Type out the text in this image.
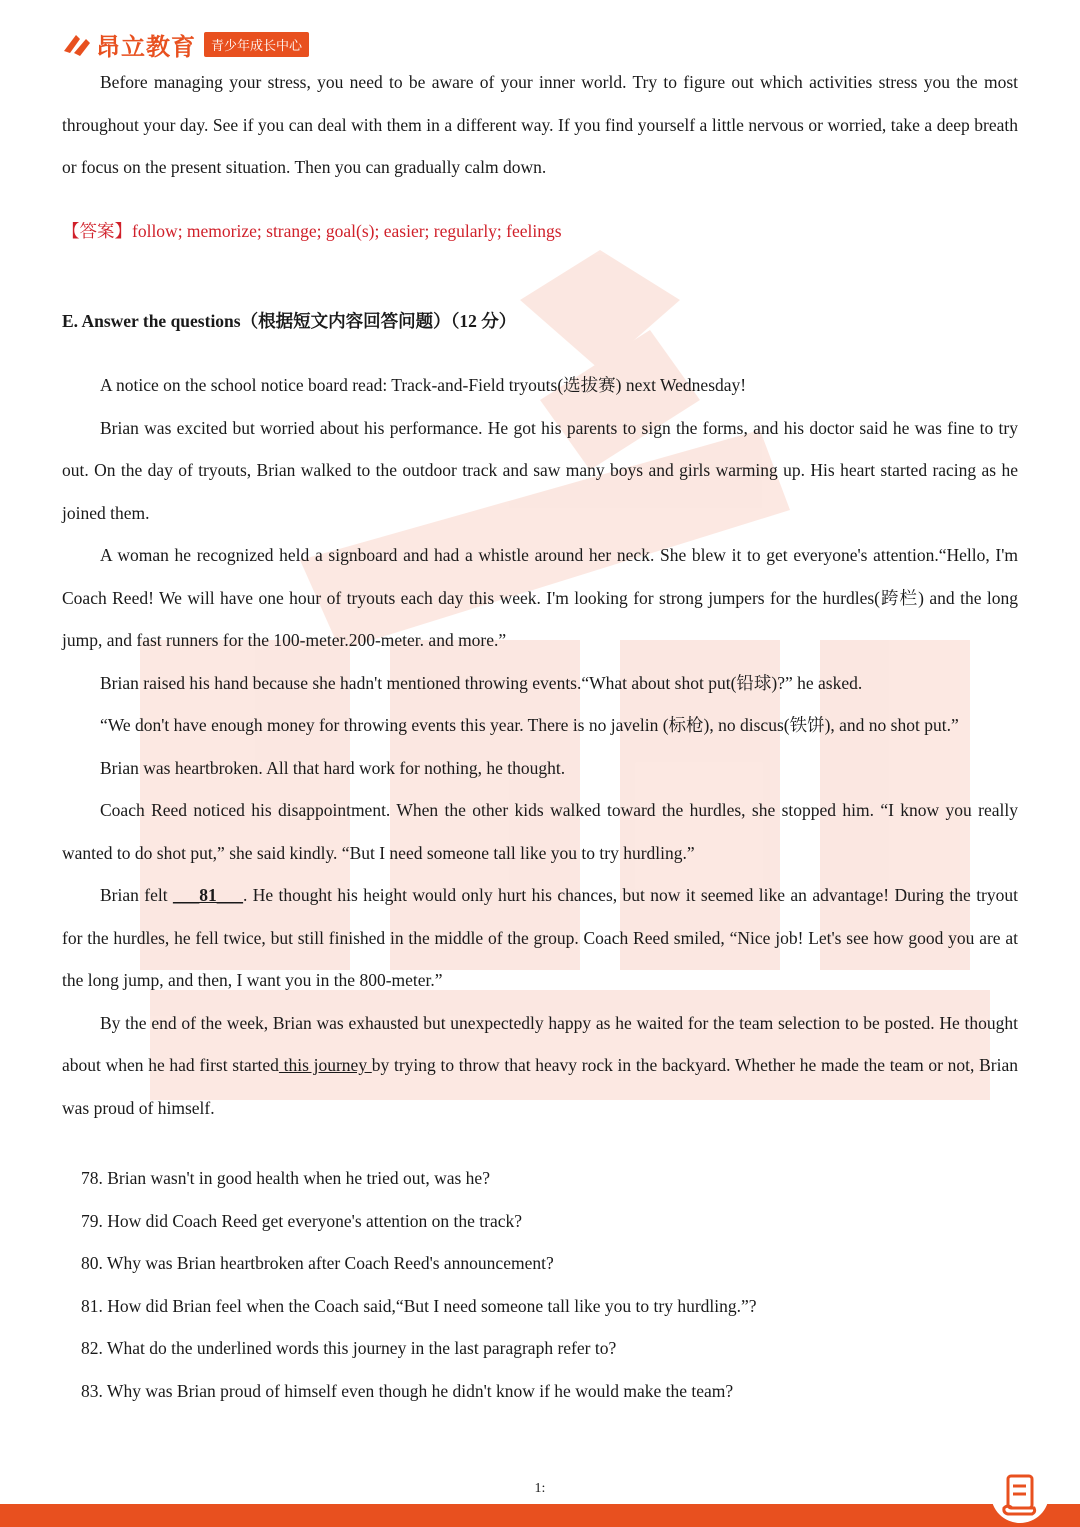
昂立教育	青少年成长中心

Before managing your stress, you need to be aware of your inner world. Try to figure out which activities stress you the most throughout your day. See if you can deal with them in a different way. If you find yourself a little nervous or worried, take a deep breath or focus on the present situation. Then you can gradually calm down.

【答案】follow; memorize; strange; goal(s); easier; regularly; feelings

E. Answer the questions（根据短文内容回答问题）（12 分）

A notice on the school notice board read: Track-and-Field tryouts(选拔赛) next Wednesday!

Brian was excited but worried about his performance. He got his parents to sign the forms, and his doctor said he was fine to try out. On the day of tryouts, Brian walked to the outdoor track and saw many boys and girls warming up. His heart started racing as he joined them.

A woman he recognized held a signboard and had a whistle around her neck. She blew it to get everyone's attention.“Hello, I'm Coach Reed! We will have one hour of tryouts each day this week. I'm looking for strong jumpers for the hurdles(跨栏) and the long jump, and fast runners for the 100-meter.200-meter. and more.”

Brian raised his hand because she hadn't mentioned throwing events.“What about shot put(铅球)?” he asked.

“We don't have enough money for throwing events this year. There is no javelin (标枪), no discus(铁饼), and no shot put.”

Brian was heartbroken. All that hard work for nothing, he thought.

Coach Reed noticed his disappointment. When the other kids walked toward the hurdles, she stopped him. “I know you really wanted to do shot put,” she said kindly. “But I need someone tall like you to try hurdling.”

Brian felt ___81___. He thought his height would only hurt his chances, but now it seemed like an advantage! During the tryout for the hurdles, he fell twice, but still finished in the middle of the group. Coach Reed smiled, “Nice job! Let's see how good you are at the long jump, and then, I want you in the 800-meter.”

By the end of the week, Brian was exhausted but unexpectedly happy as he waited for the team selection to be posted. He thought about when he had first started this journey by trying to throw that heavy rock in the backyard. Whether he made the team or not, Brian was proud of himself.

78. Brian wasn't in good health when he tried out, was he?

79. How did Coach Reed get everyone's attention on the track?

80. Why was Brian heartbroken after Coach Reed's announcement?

81. How did Brian feel when the Coach said,“But I need someone tall like you to try hurdling.”?

82. What do the underlined words this journey in the last paragraph refer to?

83. Why was Brian proud of himself even though he didn't know if he would make the team?

1:
